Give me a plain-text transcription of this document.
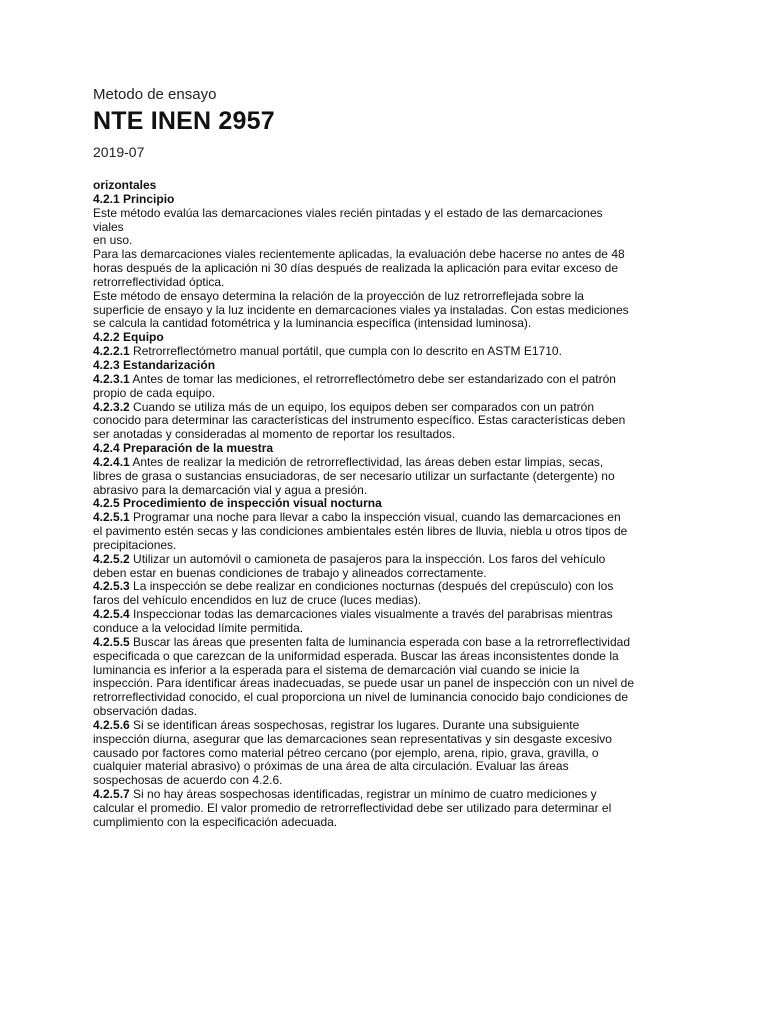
Metodo de ensayo

NTE INEN 2957

2019-07

orizontales
4.2.1 Principio
Este método evalúa las demarcaciones viales recién pintadas y el estado de las demarcaciones
viales
en uso.
Para las demarcaciones viales recientemente aplicadas, la evaluación debe hacerse no antes de 48
horas después de la aplicación ni 30 días después de realizada la aplicación para evitar exceso de
retrorreflectividad óptica.
Este método de ensayo determina la relación de la proyección de luz retrorreflejada sobre la
superficie de ensayo y la luz incidente en demarcaciones viales ya instaladas. Con estas mediciones
se calcula la cantidad fotométrica y la luminancia específica (intensidad luminosa).
4.2.2 Equipo
4.2.2.1 Retrorreflectómetro manual portátil, que cumpla con lo descrito en ASTM E1710.
4.2.3 Estandarización
4.2.3.1 Antes de tomar las mediciones, el retrorreflectómetro debe ser estandarizado con el patrón
propio de cada equipo.
4.2.3.2 Cuando se utiliza más de un equipo, los equipos deben ser comparados con un patrón
conocido para determinar las características del instrumento específico. Estas características deben
ser anotadas y consideradas al momento de reportar los resultados.
4.2.4 Preparación de la muestra
4.2.4.1 Antes de realizar la medición de retrorreflectividad, las áreas deben estar limpias, secas,
libres de grasa o sustancias ensuciadoras, de ser necesario utilizar un surfactante (detergente) no
abrasivo para la demarcación vial y agua a presión.
4.2.5 Procedimiento de inspección visual nocturna
4.2.5.1 Programar una noche para llevar a cabo la inspección visual, cuando las demarcaciones en
el pavimento estén secas y las condiciones ambientales estén libres de lluvia, niebla u otros tipos de
precipitaciones.
4.2.5.2 Utilizar un automóvil o camioneta de pasajeros para la inspección. Los faros del vehículo
deben estar en buenas condiciones de trabajo y alineados correctamente.
4.2.5.3 La inspección se debe realizar en condiciones nocturnas (después del crepúsculo) con los
faros del vehículo encendidos en luz de cruce (luces medias).
4.2.5.4 Inspeccionar todas las demarcaciones viales visualmente a través del parabrisas mientras
conduce a la velocidad límite permitida.
4.2.5.5 Buscar las áreas que presenten falta de luminancia esperada con base a la retrorreflectividad
especificada o que carezcan de la uniformidad esperada. Buscar las áreas inconsistentes donde la
luminancia es inferior a la esperada para el sistema de demarcación vial cuando se inicie la
inspección. Para identificar áreas inadecuadas, se puede usar un panel de inspección con un nivel de
retrorreflectividad conocido, el cual proporciona un nivel de luminancia conocido bajo condiciones de
observación dadas.
4.2.5.6 Si se identifican áreas sospechosas, registrar los lugares. Durante una subsiguiente
inspección diurna, asegurar que las demarcaciones sean representativas y sin desgaste excesivo
causado por factores como material pétreo cercano (por ejemplo, arena, ripio, grava, gravilla, o
cualquier material abrasivo) o próximas de una área de alta circulación. Evaluar las áreas
sospechosas de acuerdo con 4.2.6.
4.2.5.7 Si no hay áreas sospechosas identificadas, registrar un mínimo de cuatro mediciones y
calcular el promedio. El valor promedio de retrorreflectividad debe ser utilizado para determinar el
cumplimiento con la especificación adecuada.
